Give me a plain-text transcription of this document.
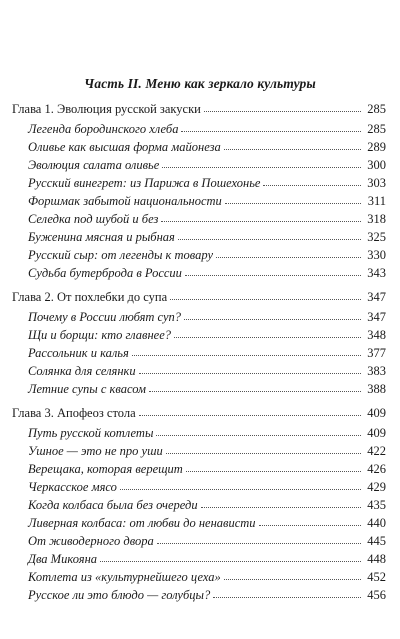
Часть II. Меню как зеркало культуры
Глава 1. Эволюция русской закуски	285
Легенда бородинского хлеба	285
Оливье как высшая форма майонеза	289
Эволюция салата оливье	300
Русский винегрет: из Парижа в Пошехонье	303
Форшмак забытой национальности	311
Селедка под шубой и без	318
Буженина мясная и рыбная	325
Русский сыр: от легенды к товару	330
Судьба бутерброда в России	343
Глава 2. От похлебки до супа	347
Почему в России любят суп?	347
Щи и борщи: кто главнее?	348
Рассольник и калья	377
Солянка для селянки	383
Летние супы с квасом	388
Глава 3. Апофеоз стола	409
Путь русской котлеты	409
Ушное — это не про уши	422
Верещака, которая верещит	426
Черкасское мясо	429
Когда колбаса была без очереди	435
Ливерная колбаса: от любви до ненависти	440
От живодерного двора	445
Два Микояна	448
Котлета из «культурнейшего цеха»	452
Русское ли это блюдо — голубцы?	456
